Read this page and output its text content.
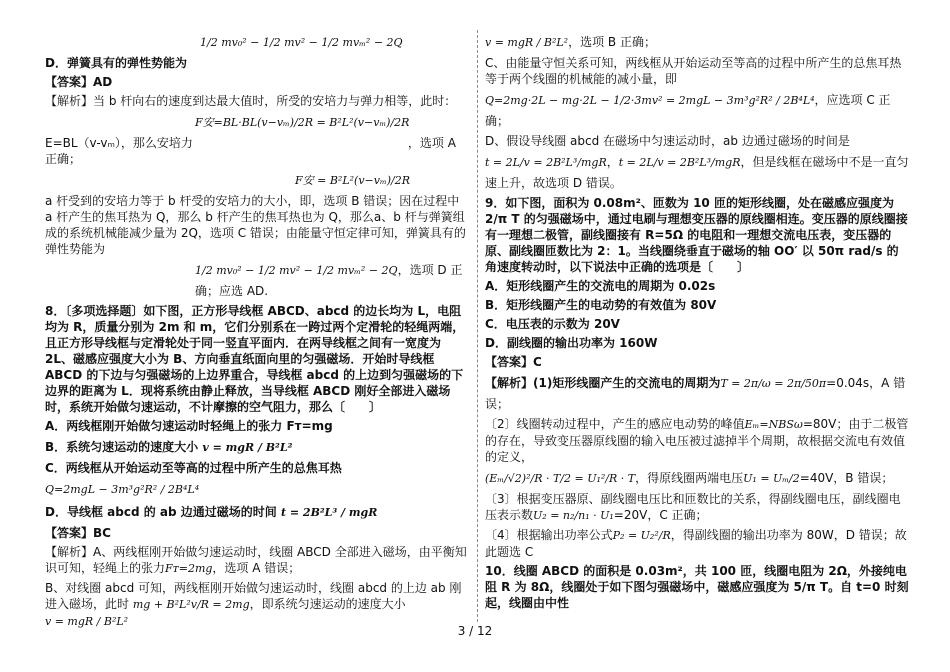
1/2 mv₀² − 1/2 mv² − 1/2 mvₘ² − 2Q

D．弹簧具有的弹性势能为

【答案】AD

【解析】当 b 杆向右的速度到达最大值时，所受的安培力与弹力相等，此时：

F安=BL·BL(v−vₘ)/2R = B²L²(v−vₘ)/2R

E=BL（v-vₘ），那么安培力	，选项 A 正确；

F安 = B²L²(v−vₘ)/2R

a 杆受到的安培力等于 b 杆受的安培力的大小，即，选项 B 错误；因在过程中 a 杆产生的焦耳热为 Q，那么 b 杆产生的焦耳热也为 Q，那么a、b 杆与弹簧组成的系统机械能减少量为 2Q，选项 C 错误；由能量守恒定律可知，弹簧具有的弹性势能为

1/2 mv₀² − 1/2 mv² − 1/2 mvₘ² − 2Q，选项 D 正确；应选 AD.

8．〔多项选择题〕如下图，正方形导线框 ABCD、abcd 的边长均为 L，电阻均为 R，质量分别为 2m 和 m，它们分别系在一跨过两个定滑轮的轻绳两端，且正方形导线框与定滑轮处于同一竖直平面内．在两导线框之间有一宽度为 2L、磁感应强度大小为 B、方向垂直纸面向里的匀强磁场．开始时导线框 ABCD 的下边与匀强磁场的上边界重合，导线框 abcd 的上边到匀强磁场的下边界的距离为 L．现将系统由静止释放，当导线框 ABCD 刚好全部进入磁场时，系统开始做匀速运动，不计摩擦的空气阻力，那么〔　　〕

A．两线框刚开始做匀速运动时轻绳上的张力 Fᴛ=mg

B．系统匀速运动的速度大小 v = mgR / B²L²

C．两线框从开始运动至等高的过程中所产生的总焦耳热

Q=2mgL − 3m³g²R² / 2B⁴L⁴

D．导线框 abcd 的 ab 边通过磁场的时间 t = 2B²L³ / mgR

【答案】BC

【解析】A、两线框刚开始做匀速运动时，线圈 ABCD 全部进入磁场，由平衡知识可知，轻绳上的张力Fᴛ=2mg，选项 A 错误；

B、对线圈 abcd 可知，两线框刚开始做匀速运动时，线圈 abcd 的上边 ab 刚进入磁场，此时 mg + B²L²v/R = 2mg，即系统匀速运动的速度大小v = mgR / B²L²

v = mgR / B²L²，选项 B 正确；

C、由能量守恒关系可知，两线框从开始运动至等高的过程中所产生的总焦耳热等于两个线圈的机械能的减小量，即

Q=2mg·2L − mg·2L − 1/2·3mv² = 2mgL − 3m³g²R² / 2B⁴L⁴，应选项 C 正确；

D、假设导线圈 abcd 在磁场中匀速运动时，ab 边通过磁场的时间是

t = 2L/v = 2B²L³/mgR，t = 2L/v = 2B²L³/mgR，但是线框在磁场中不是一直匀速上升，故选项 D 错误。

9．如下图，面积为 0.08m²、匝数为 10 匝的矩形线圈，处在磁感应强度为 2/π T 的匀强磁场中，通过电刷与理想变压器的原线圈相连。变压器的原线圈接有一理想二极管，副线圈接有 R=5Ω 的电阻和一理想交流电压表，变压器的原、副线圈匝数比为 2：1。当线圈绕垂直于磁场的轴 OO′ 以 50π rad/s 的角速度转动时，以下说法中正确的选项是〔　　〕

A．矩形线圈产生的交流电的周期为 0.02s

B．矩形线圈产生的电动势的有效值为 80V

C．电压表的示数为 20V

D．副线圈的输出功率为 160W

【答案】C

【解析】(1)矩形线圈产生的交流电的周期为T = 2π/ω = 2π/50π=0.04s，A 错误；

〔2〕线圈转动过程中，产生的感应电动势的峰值Eₘ=NBSω=80V；由于二极管的存在，导致变压器原线圈的输入电压被过滤掉半个周期，故根据交流电有效值的定义，

(Eₘ/√2)²/R · T/2 = U₁²/R · T，得原线圈两端电压U₁ = Uₘ/2=40V，B 错误；

〔3〕根据变压器原、副线圈电压比和匝数比的关系，得副线圈电压，副线圈电压表示数U₂ = n₂/n₁ · U₁=20V，C 正确；

〔4〕根据输出功率公式P₂ = U₂²/R，得副线圈的输出功率为 80W，D 错误；故此题选 C

10．线圈 ABCD 的面积是 0.03m²，共 100 匝，线圈电阻为 2Ω，外接纯电阻 R 为 8Ω，线圈处于如下图匀强磁场中，磁感应强度为 5/π T。自 t=0 时刻起，线圈由中性

3 / 12
